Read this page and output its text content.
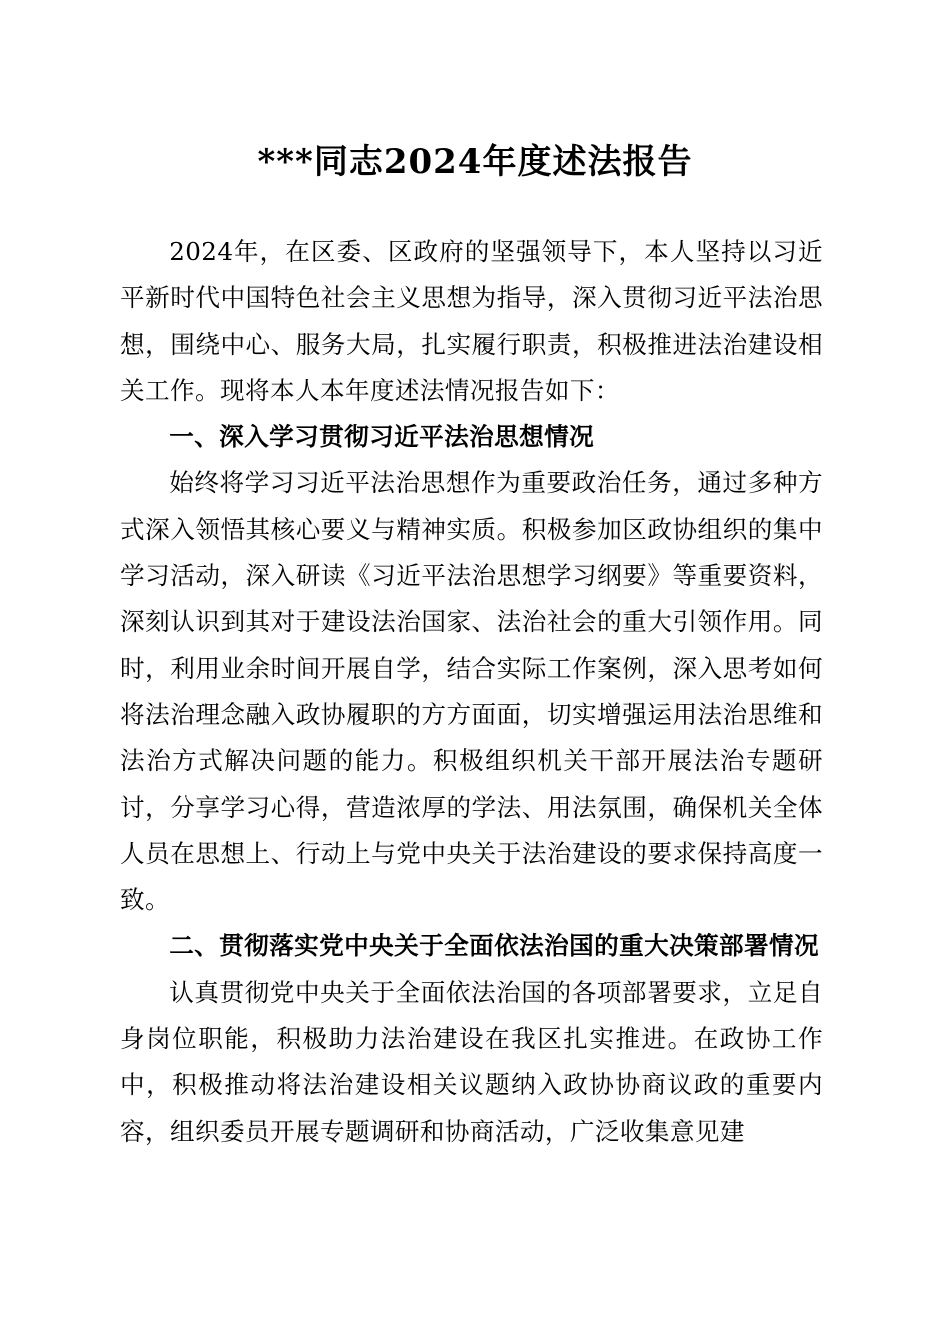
***同志2024年度述法报告

2024年，在区委、区政府的坚强领导下，本人坚持以习近平新时代中国特色社会主义思想为指导，深入贯彻习近平法治思想，围绕中心、服务大局，扎实履行职责，积极推进法治建设相关工作。现将本人本年度述法情况报告如下：

一、深入学习贯彻习近平法治思想情况

始终将学习习近平法治思想作为重要政治任务，通过多种方式深入领悟其核心要义与精神实质。积极参加区政协组织的集中学习活动，深入研读《习近平法治思想学习纲要》等重要资料，深刻认识到其对于建设法治国家、法治社会的重大引领作用。同时，利用业余时间开展自学，结合实际工作案例，深入思考如何将法治理念融入政协履职的方方面面，切实增强运用法治思维和法治方式解决问题的能力。积极组织机关干部开展法治专题研讨，分享学习心得，营造浓厚的学法、用法氛围，确保机关全体人员在思想上、行动上与党中央关于法治建设的要求保持高度一致。

二、贯彻落实党中央关于全面依法治国的重大决策部署情况

认真贯彻党中央关于全面依法治国的各项部署要求，立足自身岗位职能，积极助力法治建设在我区扎实推进。在政协工作中，积极推动将法治建设相关议题纳入政协协商议政的重要内容，组织委员开展专题调研和协商活动，广泛收集意见建
